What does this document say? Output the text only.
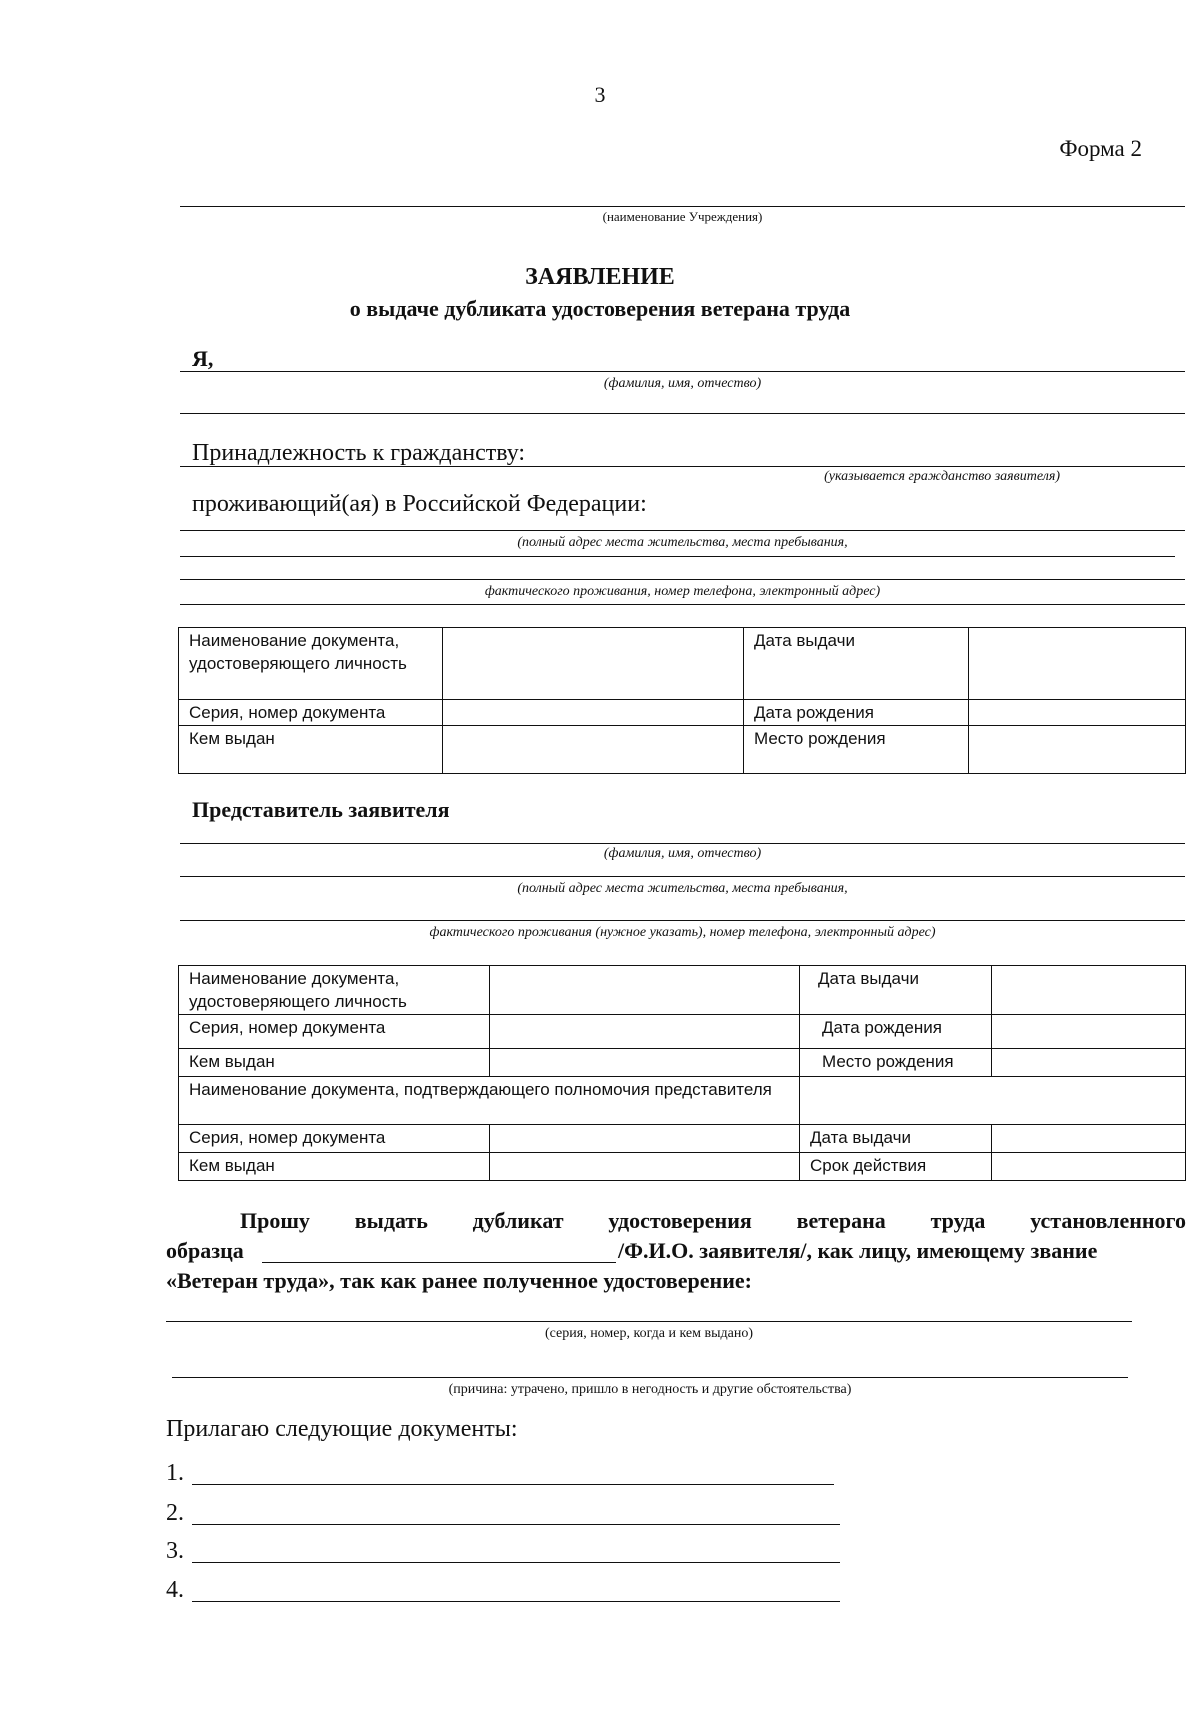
3
Форма 2
(наименование Учреждения)
ЗАЯВЛЕНИЕ
о выдаче дубликата удостоверения ветерана труда
Я,
(фамилия, имя, отчество)
Принадлежность к гражданству:
(указывается гражданство заявителя)
проживающий(ая) в Российской Федерации:
(полный адрес места жительства, места пребывания,
фактического проживания, номер телефона, электронный адрес)
Наименование документа, удостоверяющего личность		Дата выдачи	
Серия, номер документа		Дата рождения	
Кем выдан		Место рождения	
Представитель заявителя
(фамилия, имя, отчество)
(полный адрес места жительства, места пребывания,
фактического проживания (нужное указать), номер телефона, электронный адрес)
Наименование документа, удостоверяющего личность		Дата выдачи	
Серия, номер документа		Дата рождения	
Кем выдан		Место рождения	
Наименование документа, подтверждающего полномочия представителя			
Серия, номер документа		Дата выдачи	
Кем выдан		Срок действия	
Прошу выдать дубликат удостоверения ветерана труда установленного
образца	/Ф.И.О. заявителя/, как лицу, имеющему звание
«Ветеран труда», так как ранее полученное удостоверение:
(серия, номер, когда и кем выдано)
(причина: утрачено, пришло в негодность и другие обстоятельства)
Прилагаю следующие документы:
1.
2.
3.
4.
